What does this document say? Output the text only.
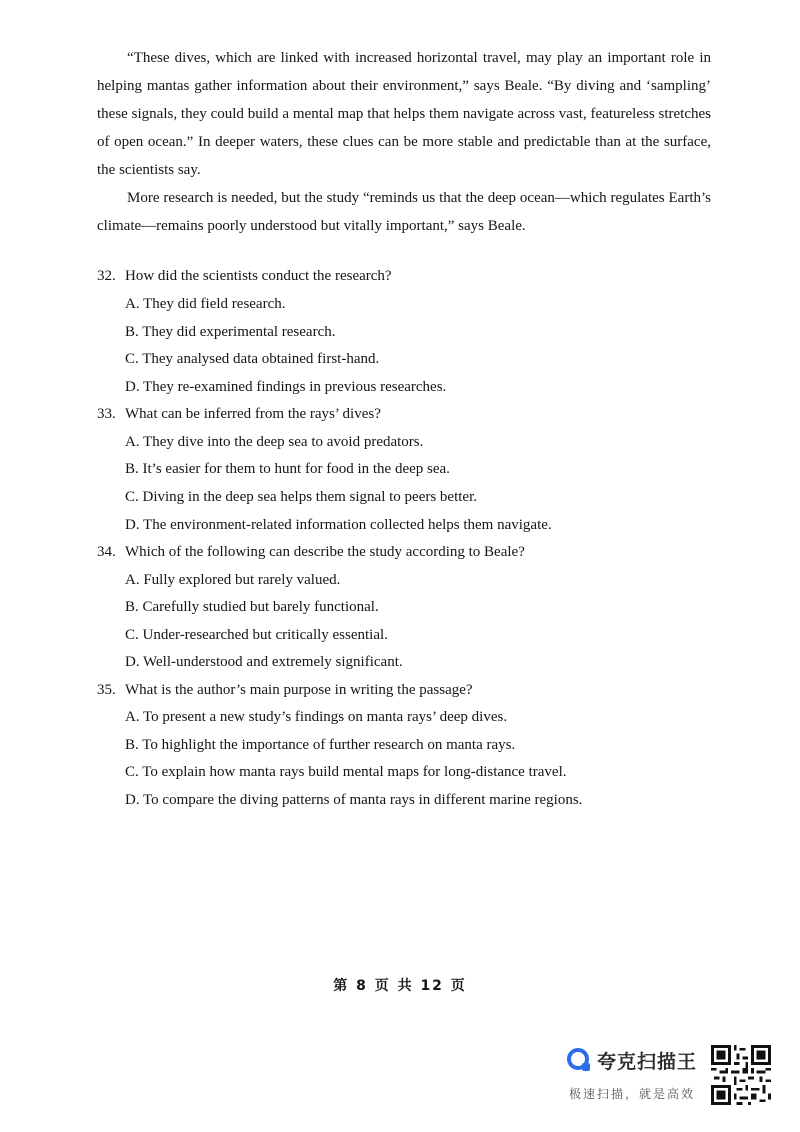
“These dives, which are linked with increased horizontal travel, may play an important role in helping mantas gather information about their environment,” says Beale. “By diving and ‘sampling’ these signals, they could build a mental map that helps them navigate across vast, featureless stretches of open ocean.” In deeper waters, these clues can be more stable and predictable than at the surface, the scientists say.

More research is needed, but the study “reminds us that the deep ocean—which regulates Earth’s climate—remains poorly understood but vitally important,” says Beale.

32. How did the scientists conduct the research?
A. They did field research.
B. They did experimental research.
C. They analysed data obtained first-hand.
D. They re-examined findings in previous researches.
33. What can be inferred from the rays’ dives?
A. They dive into the deep sea to avoid predators.
B. It’s easier for them to hunt for food in the deep sea.
C. Diving in the deep sea helps them signal to peers better.
D. The environment-related information collected helps them navigate.
34. Which of the following can describe the study according to Beale?
A. Fully explored but rarely valued.
B. Carefully studied but barely functional.
C. Under-researched but critically essential.
D. Well-understood and extremely significant.
35. What is the author’s main purpose in writing the passage?
A. To present a new study’s findings on manta rays’ deep dives.
B. To highlight the importance of further research on manta rays.
C. To explain how manta rays build mental maps for long-distance travel.
D. To compare the diving patterns of manta rays in different marine regions.
第 8 页 共 12 页
夸克扫描王
极速扫描，就是高效
